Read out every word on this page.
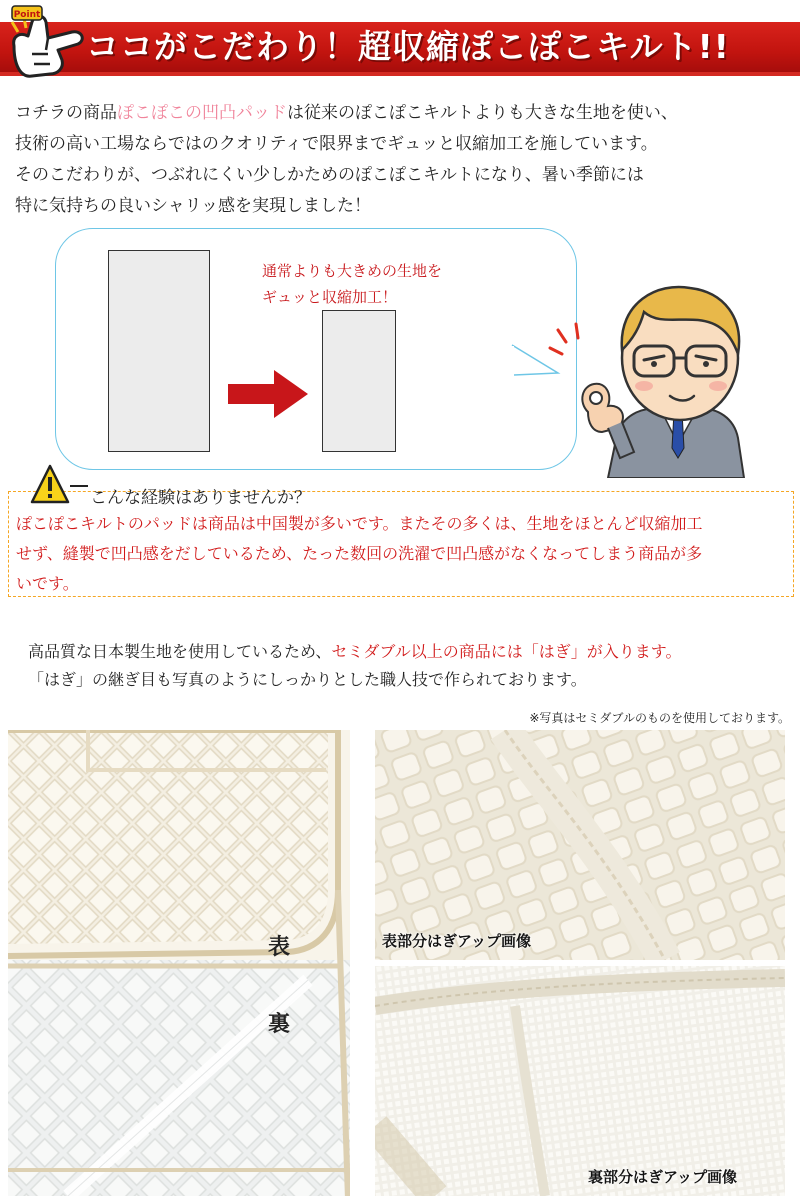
Point
ココがこだわり！超収縮ぽこぽこキルト!!
コチラの商品ぽこぽこの凹凸パッドは従来のぽこぽこキルトよりも大きな生地を使い、
技術の高い工場ならではのクオリティで限界までギュッと収縮加工を施しています。
そのこだわりが、つぶれにくい少しかためのぽこぽこキルトになり、暑い季節には
特に気持ちの良いシャリッ感を実現しました！
通常よりも大きめの生地を
ギュッと収縮加工！
こんな経験はありませんか？
ぽこぽこキルトのパッドは商品は中国製が多いです。またその多くは、生地をほとんど収縮加工
せず、縫製で凹凸感をだしているため、たった数回の洗濯で凹凸感がなくなってしまう商品が多
いです。
高品質な日本製生地を使用しているため、セミダブル以上の商品には「はぎ」が入ります。
「はぎ」の継ぎ目も写真のようにしっかりとした職人技で作られております。
※写真はセミダブルのものを使用しております。
表
裏
表部分はぎアップ画像
裏部分はぎアップ画像
